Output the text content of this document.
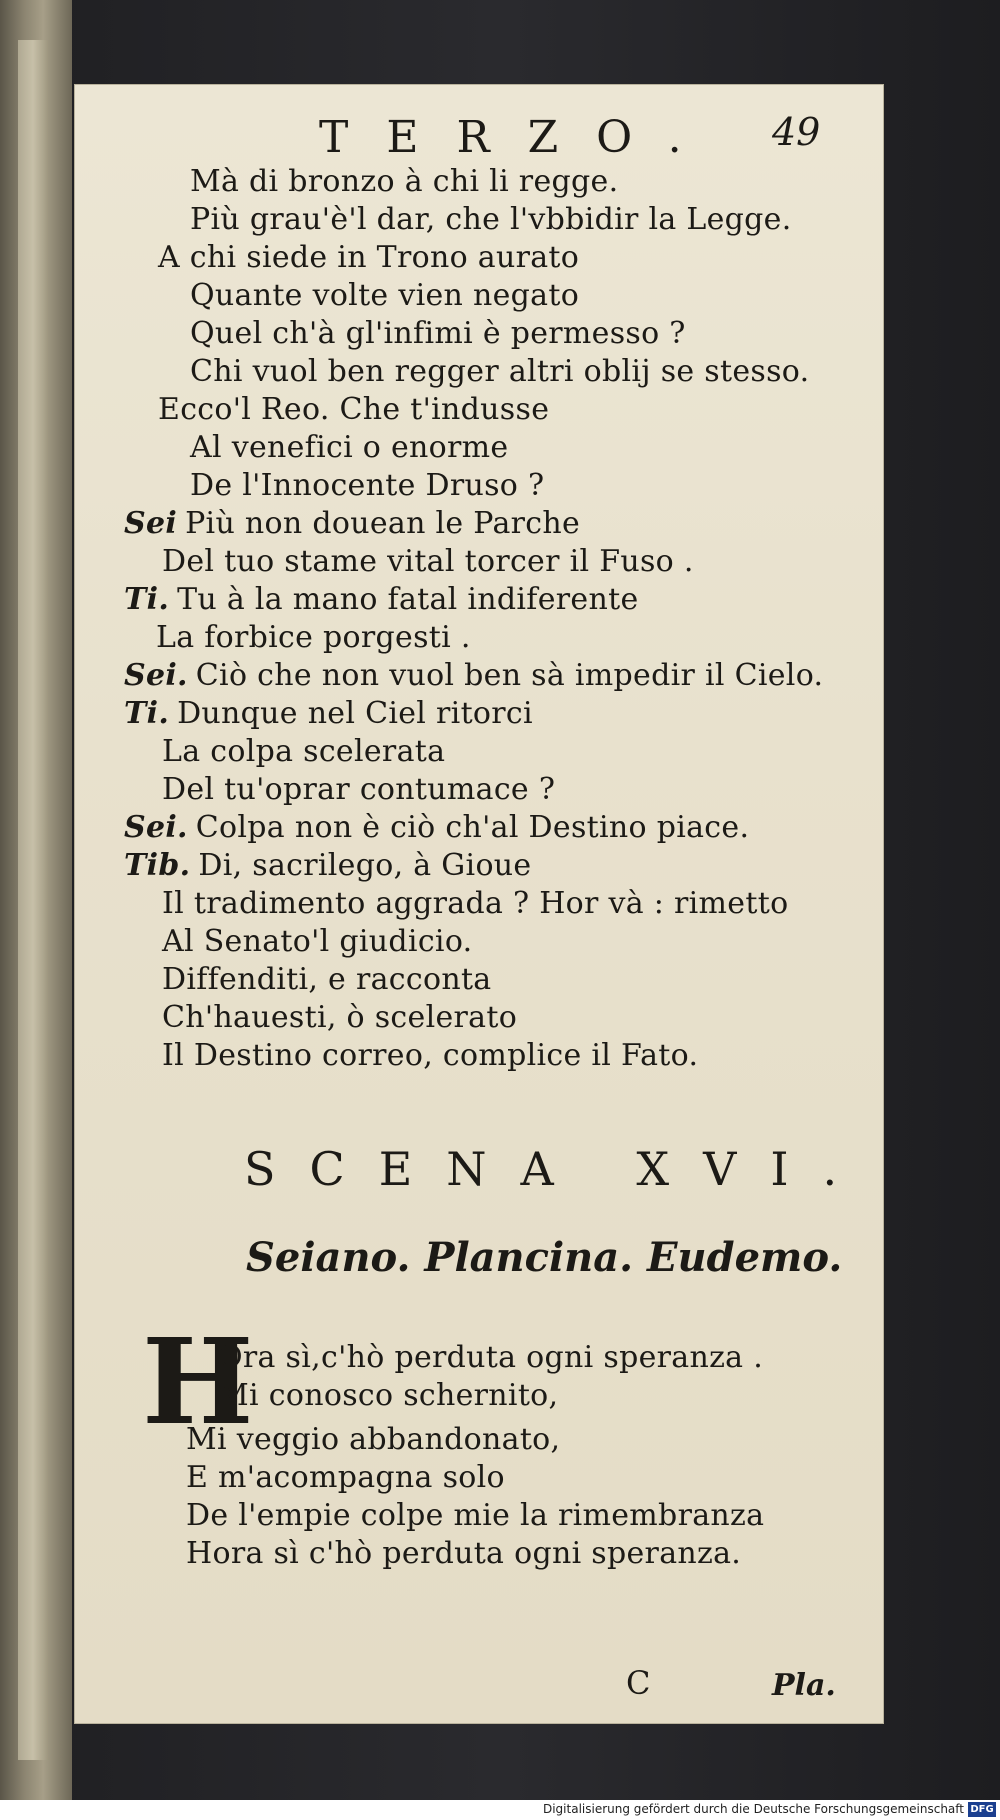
TERZO. 49
Mà di bronzo à chi li regge.
Più grau'è'l dar, che l'vbbidir la Legge.
A chi siede in Trono aurato
Quante volte vien negato
Quel ch'à gl'infimi è permesso ?
Chi vuol ben regger altri oblij se stesso.
Ecco'l Reo. Che t'indusse
Al venefici o enorme
De l'Innocente Druso ?
Sei Più non douean le Parche
Del tuo stame vital torcer il Fuso .
Ti. Tu à la mano fatal indiferente
La forbice porgesti .
Sei. Ciò che non vuol ben sà impedir il Cielo.
Ti. Dunque nel Ciel ritorci
La colpa scelerata
Del tu'oprar contumace ?
Sei. Colpa non è ciò ch'al Destino piace.
Tib. Di, sacrilego, à Gioue
Il tradimento aggrada ? Hor và : rimetto
Al Senato'l giudicio.
Diffenditi, e racconta
Ch'hauesti, ò scelerato
Il Destino correo, complice il Fato.
SCENA XVI.
Seiano. Plancina. Eudemo.
H
Ora sì,c'hò perduta ogni speranza .
Mi conosco schernito,
Mi veggio abbandonato,
E m'acompagna solo
De l'empie colpe mie la rimembranza
Hora sì c'hò perduta ogni speranza.
C	Pla.
Digitalisierung gefördert durch die Deutsche Forschungsgemeinschaft DFG
